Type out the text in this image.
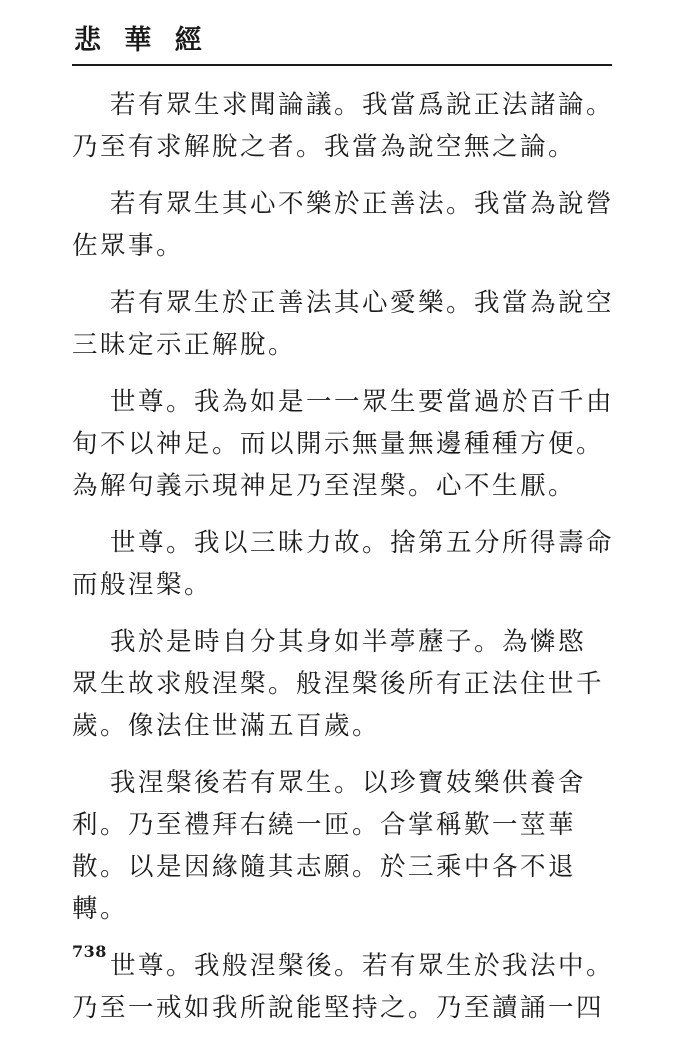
悲 華 經
若有眾生求聞論議。我當爲說正法諸論。
乃至有求解脫之者。我當為說空無之論。
若有眾生其心不樂於正善法。我當為說營
佐眾事。
若有眾生於正善法其心愛樂。我當為說空
三昧定示正解脫。
世尊。我為如是一一眾生要當過於百千由
旬不以神足。而以開示無量無邊種種方便。
為解句義示現神足乃至涅槃。心不生厭。
世尊。我以三昧力故。捨第五分所得壽命
而般涅槃。
我於是時自分其身如半葶藶子。為憐愍
眾生故求般涅槃。般涅槃後所有正法住世千
歲。像法住世滿五百歲。
我涅槃後若有眾生。以珍寶妓樂供養舍
利。乃至禮拜右繞一匝。合掌稱歎一莖華
散。以是因緣隨其志願。於三乘中各不退
轉。
世尊。我般涅槃後。若有眾生於我法中。
乃至一戒如我所說能堅持之。乃至讀誦一四
738
